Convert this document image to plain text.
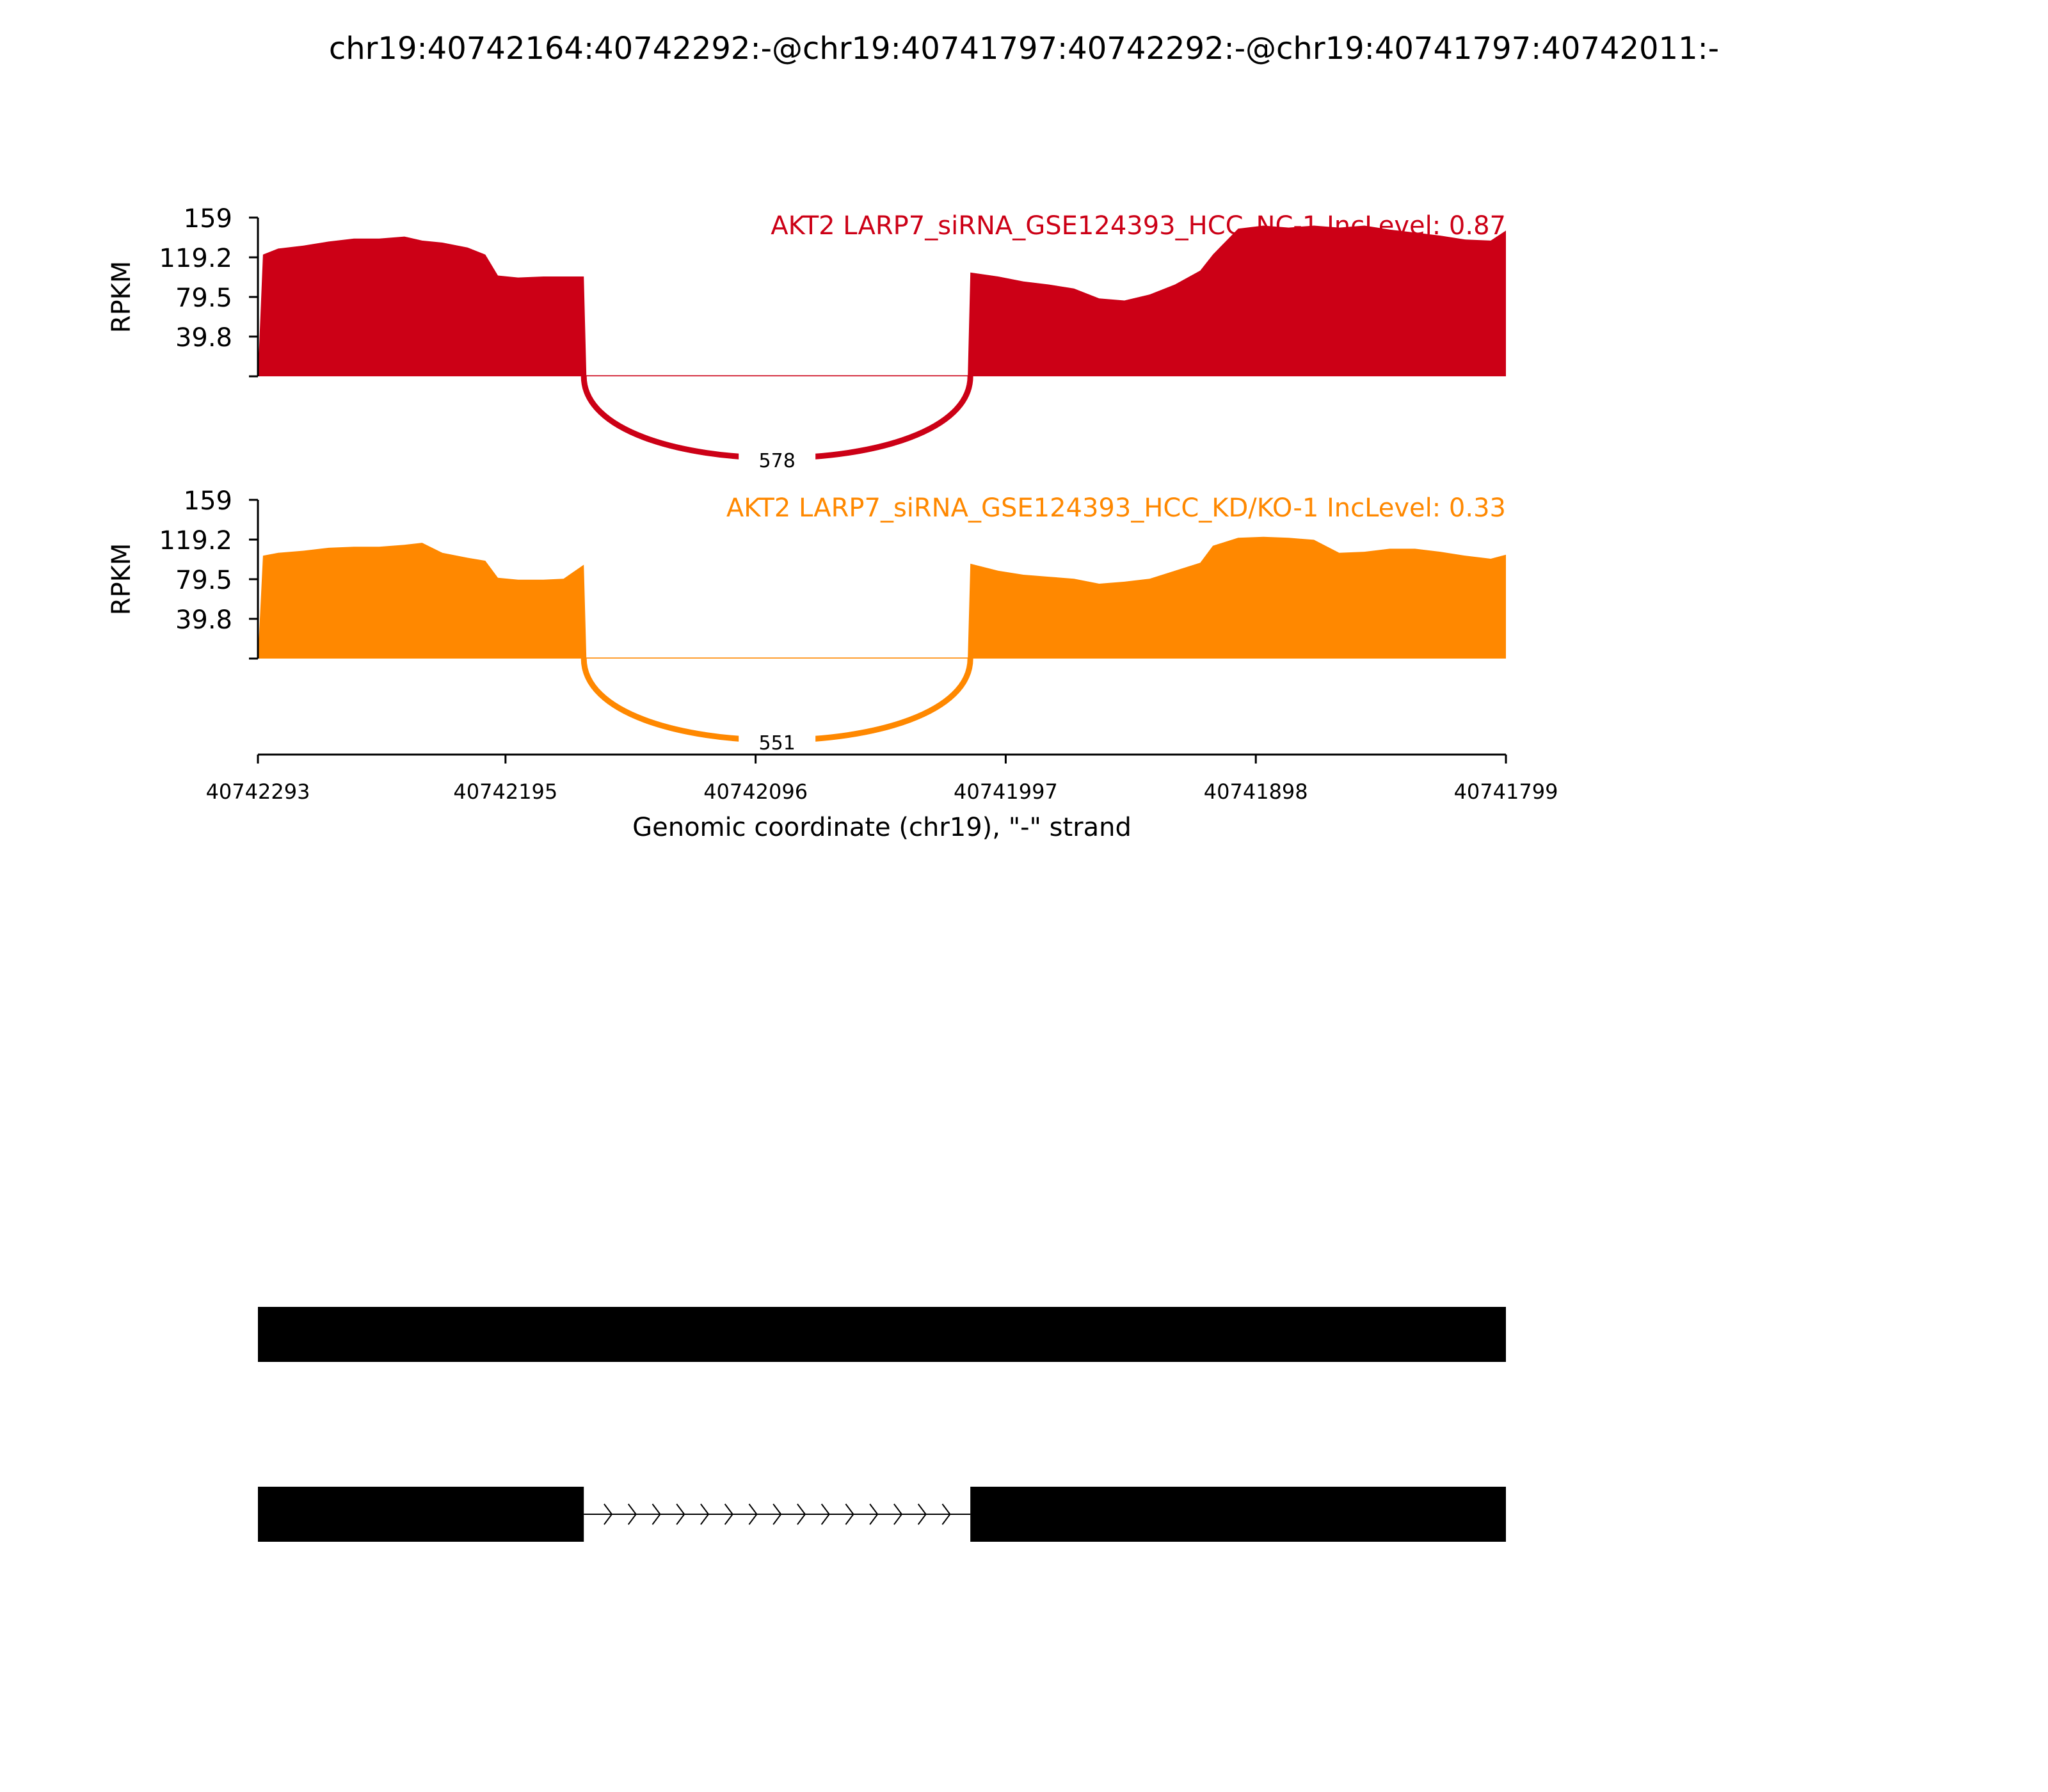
chr19:40742164:40742292:-@chr19:40741797:40742292:-@chr19:40741797:40742011:-
159
119.2
79.5
39.8
RPKM
AKT2 LARP7_siRNA_GSE124393_HCC_NC-1 IncLevel: 0.87
578
159
119.2
79.5
39.8
RPKM
AKT2 LARP7_siRNA_GSE124393_HCC_KD/KO-1 IncLevel: 0.33
551
40742293	40742195	40742096	40741997	40741898	40741799
Genomic coordinate (chr19), "-" strand
